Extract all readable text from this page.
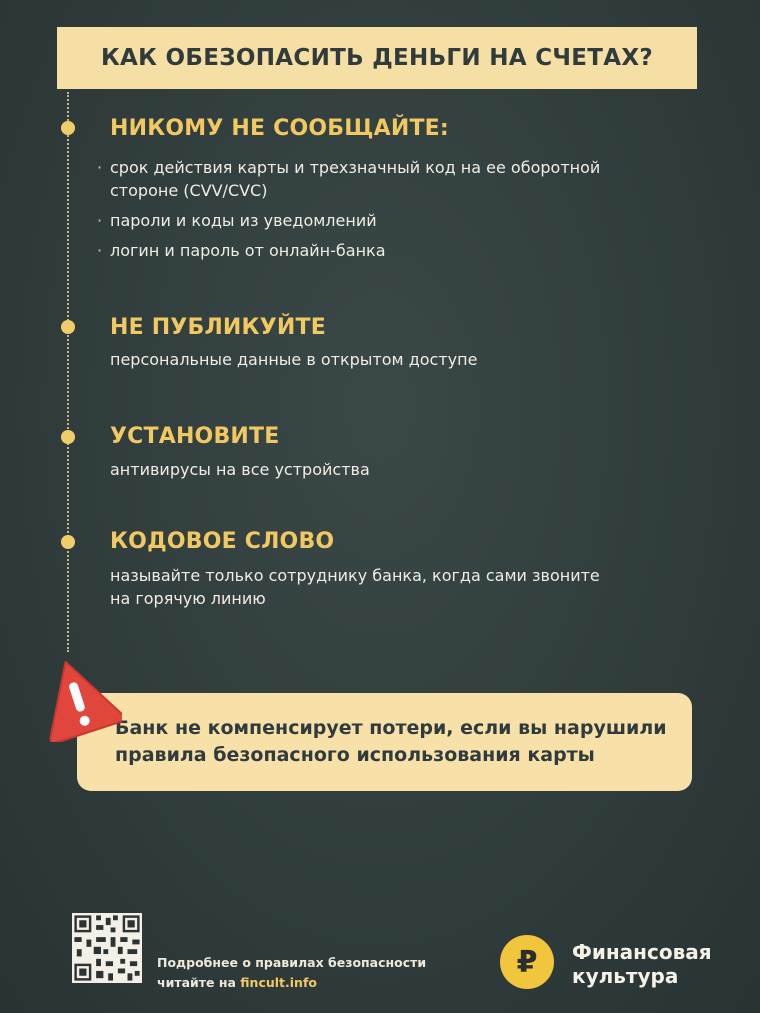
КАК ОБЕЗОПАСИТЬ ДЕНЬГИ НА СЧЕТАХ?
НИКОМУ НЕ СООБЩАЙТЕ:
· срок действия карты и трехзначный код на ее оборотной
стороне (CVV/CVC)
· пароли и коды из уведомлений
· логин и пароль от онлайн-банка
НЕ ПУБЛИКУЙТЕ
персональные данные в открытом доступе
УСТАНОВИТЕ
антивирусы на все устройства
КОДОВОЕ СЛОВО
называйте только сотруднику банка, когда сами звоните
на горячую линию
Банк не компенсирует потери, если вы нарушили
правила безопасного использования карты
Подробнее о правилах безопасности
читайте на fincult.info
₽ Финансовая
культура
